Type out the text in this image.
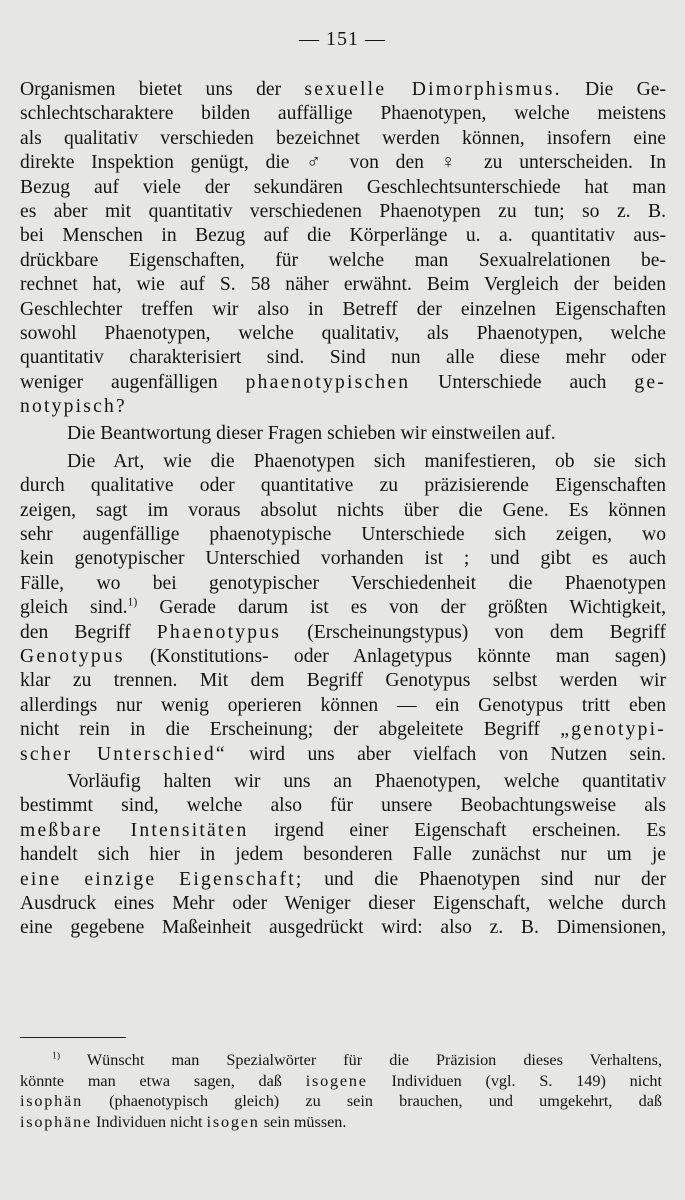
— 151 —
Organismen bietet uns der sexuelle Dimorphismus. Die Ge-
schlechtscharaktere bilden auffällige Phaenotypen, welche meistens
als qualitativ verschieden bezeichnet werden können, insofern eine
direkte Inspektion genügt, die ♂ von den ♀ zu unterscheiden. In
Bezug auf viele der sekundären Geschlechtsunterschiede hat man
es aber mit quantitativ verschiedenen Phaenotypen zu tun; so z. B.
bei Menschen in Bezug auf die Körperlänge u. a. quantitativ aus-
drückbare Eigenschaften, für welche man Sexualrelationen be-
rechnet hat, wie auf S. 58 näher erwähnt. Beim Vergleich der beiden
Geschlechter treffen wir also in Betreff der einzelnen Eigenschaften
sowohl Phaenotypen, welche qualitativ, als Phaenotypen, welche
quantitativ charakterisiert sind. Sind nun alle diese mehr oder
weniger augenfälligen phaenotypischen Unterschiede auch ge-
notypisch?
Die Beantwortung dieser Fragen schieben wir einstweilen auf.
Die Art, wie die Phaenotypen sich manifestieren, ob sie sich
durch qualitative oder quantitative zu präzisierende Eigenschaften
zeigen, sagt im voraus absolut nichts über die Gene. Es können
sehr augenfällige phaenotypische Unterschiede sich zeigen, wo
kein genotypischer Unterschied vorhanden ist ; und gibt es auch
Fälle, wo bei genotypischer Verschiedenheit die Phaenotypen
gleich sind.$^{1)}$ Gerade darum ist es von der größten Wichtigkeit,
den Begriff Phaenotypus (Erscheinungstypus) von dem Begriff
Genotypus (Konstitutions- oder Anlagetypus könnte man sagen)
klar zu trennen. Mit dem Begriff Genotypus selbst werden wir
allerdings nur wenig operieren können — ein Genotypus tritt eben
nicht rein in die Erscheinung; der abgeleitete Begriff „genotypi-
scher Unterschied“ wird uns aber vielfach von Nutzen sein.
Vorläufig halten wir uns an Phaenotypen, welche quantitativ
bestimmt sind, welche also für unsere Beobachtungsweise als
meßbare Intensitäten irgend einer Eigenschaft erscheinen. Es
handelt sich hier in jedem besonderen Falle zunächst nur um je
eine einzige Eigenschaft; und die Phaenotypen sind nur der
Ausdruck eines Mehr oder Weniger dieser Eigenschaft, welche durch
eine gegebene Maßeinheit ausgedrückt wird: also z. B. Dimensionen,
$^{1)}$ Wünscht man Spezialwörter für die Präzision dieses Verhaltens,
könnte man etwa sagen, daß isogene Individuen (vgl. S. 149) nicht
isophän (phaenotypisch gleich) zu sein brauchen, und umgekehrt, daß
isophäne Individuen nicht isogen sein müssen.
